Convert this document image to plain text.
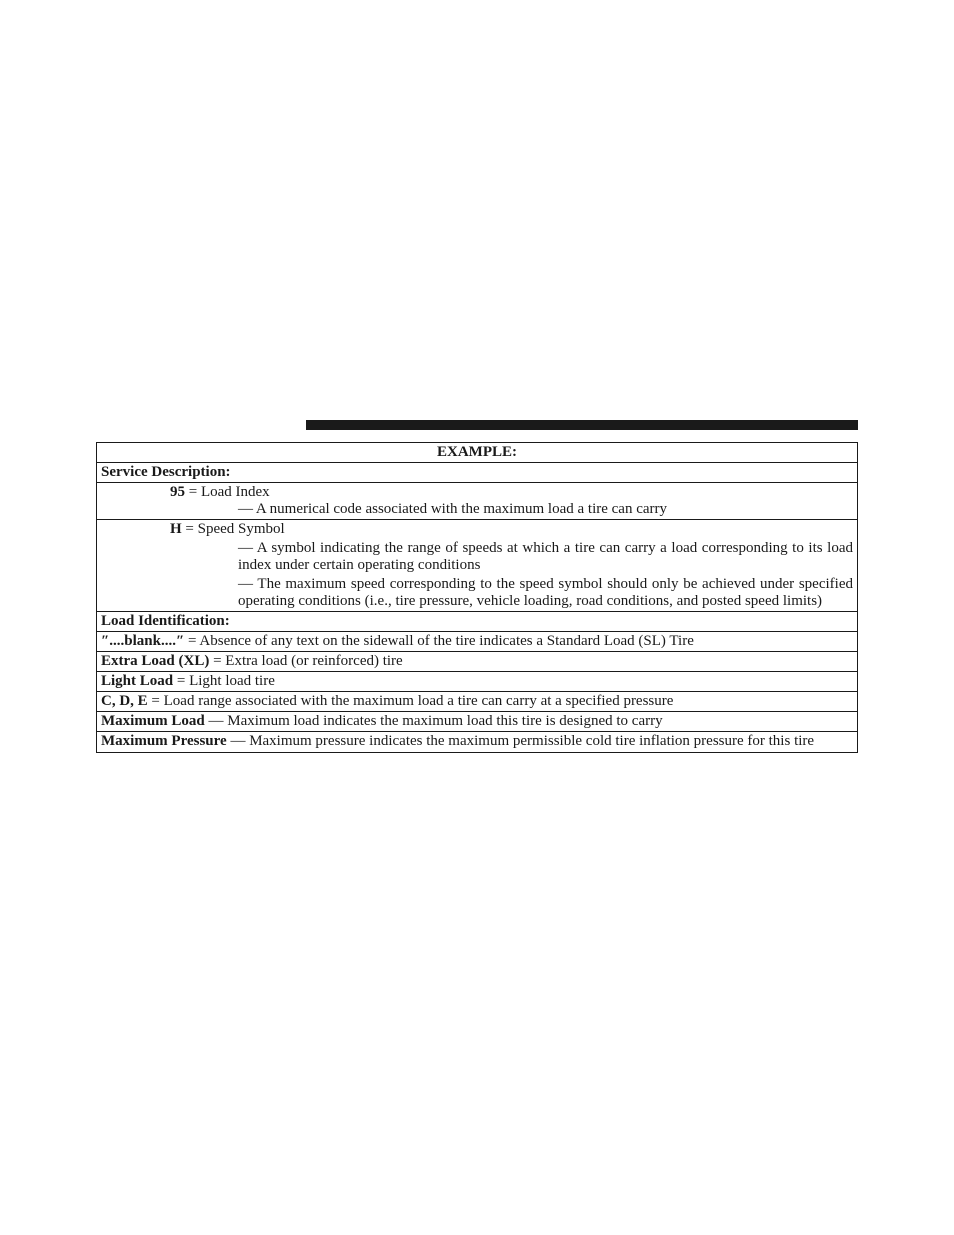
EXAMPLE:
Service Description:

95 = Load Index
— A numerical code associated with the maximum load a tire can carry

H = Speed Symbol
— A symbol indicating the range of speeds at which a tire can carry a load corresponding to its load index under certain operating conditions
— The maximum speed corresponding to the speed symbol should only be achieved under specified operating conditions (i.e., tire pressure, vehicle loading, road conditions, and posted speed limits)

Load Identification:
″....blank....″ = Absence of any text on the sidewall of the tire indicates a Standard Load (SL) Tire
Extra Load (XL) = Extra load (or reinforced) tire
Light Load = Light load tire
C, D, E = Load range associated with the maximum load a tire can carry at a specified pressure
Maximum Load — Maximum load indicates the maximum load this tire is designed to carry
Maximum Pressure — Maximum pressure indicates the maximum permissible cold tire inflation pressure for this tire
